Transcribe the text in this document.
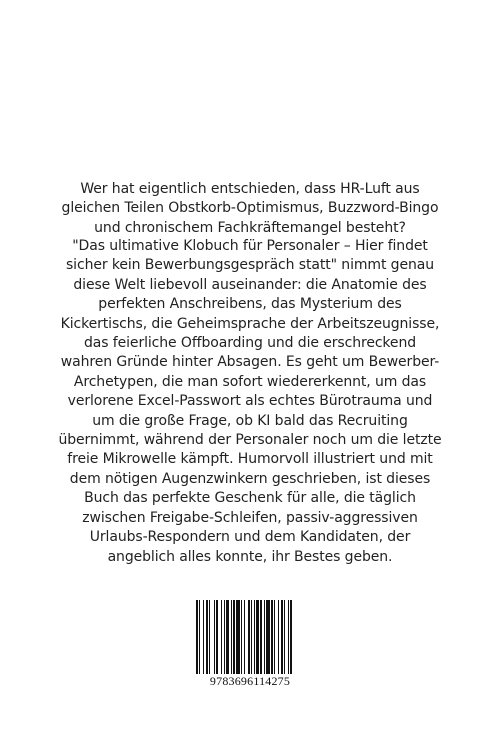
Wer hat eigentlich entschieden, dass HR-Luft aus gleichen Teilen Obstkorb-Optimismus, Buzzword-Bingo und chronischem Fachkräftemangel besteht?
"Das ultimative Klobuch für Personaler – Hier findet sicher kein Bewerbungsgespräch statt" nimmt genau diese Welt liebevoll auseinander: die Anatomie des perfekten Anschreibens, das Mysterium des Kickertischs, die Geheimsprache der Arbeitszeugnisse, das feierliche Offboarding und die erschreckend wahren Gründe hinter Absagen. Es geht um Bewerber-Archetypen, die man sofort wiedererkennt, um das verlorene Excel-Passwort als echtes Bürotrauma und um die große Frage, ob KI bald das Recruiting übernimmt, während der Personaler noch um die letzte freie Mikrowelle kämpft. Humorvoll illustriert und mit dem nötigen Augenzwinkern geschrieben, ist dieses Buch das perfekte Geschenk für alle, die täglich zwischen Freigabe-Schleifen, passiv-aggressiven Urlaubs-Respondern und dem Kandidaten, der angeblich alles konnte, ihr Bestes geben.
9783696114275
